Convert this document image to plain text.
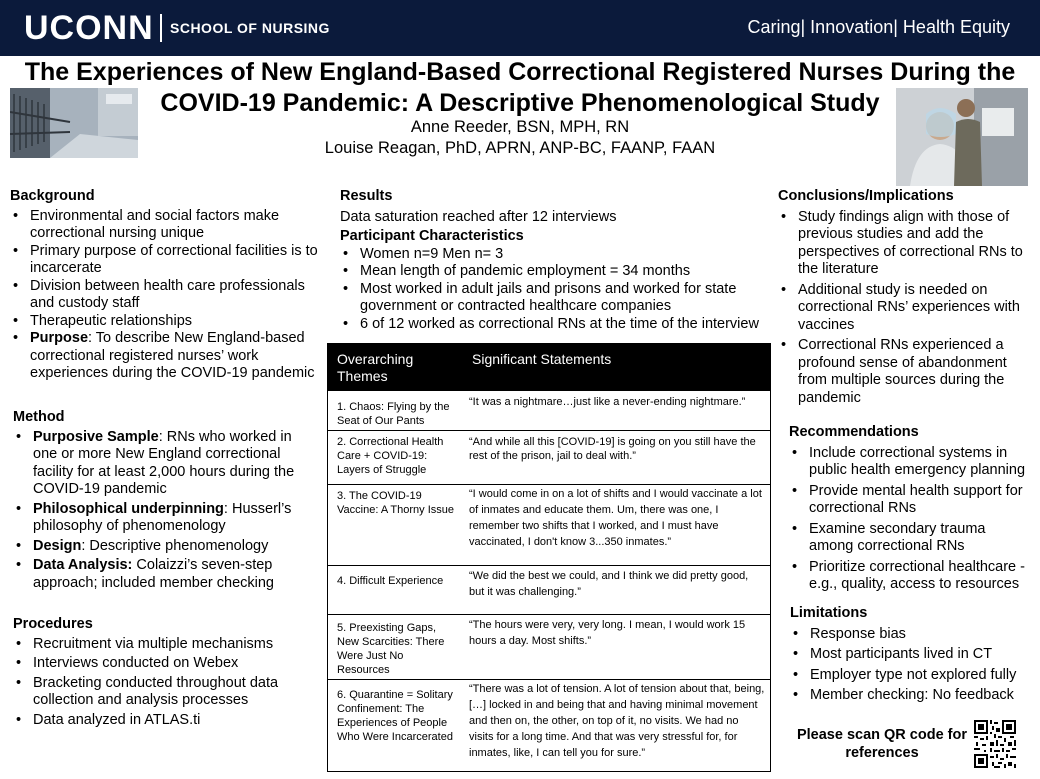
UCONN SCHOOL OF NURSING	Caring| Innovation| Health Equity
The Experiences of New England-Based Correctional Registered Nurses During the
COVID-19 Pandemic: A Descriptive Phenomenological Study
Anne Reeder, BSN, MPH, RN
Louise Reagan, PhD, APRN, ANP-BC, FAANP, FAAN
Background
• Environmental and social factors make correctional nursing unique
• Primary purpose of correctional facilities is to incarcerate
• Division between health care professionals and custody staff
• Therapeutic relationships
• Purpose: To describe New England-based correctional registered nurses’ work experiences during the COVID-19 pandemic
Method
• Purposive Sample: RNs who worked in one or more New England correctional facility for at least 2,000 hours during the COVID-19 pandemic
• Philosophical underpinning: Husserl’s philosophy of phenomenology
• Design: Descriptive phenomenology
• Data Analysis: Colaizzi’s seven-step approach; included member checking
Procedures
• Recruitment via multiple mechanisms
• Interviews conducted on Webex
• Bracketing conducted throughout data collection and analysis processes
• Data analyzed in ATLAS.ti
Results
Data saturation reached after 12 interviews
Participant Characteristics
• Women n=9 Men n= 3
• Mean length of pandemic employment = 34 months
• Most worked in adult jails and prisons and worked for state government or contracted healthcare companies
• 6 of 12 worked as correctional RNs at the time of the interview
Overarching Themes
Significant Statements
1. Chaos: Flying by the Seat of Our Pants
“It was a nightmare…just like a never-ending nightmare.”
2. Correctional Health Care + COVID-19: Layers of Struggle
“And while all this [COVID-19] is going on you still have the rest of the prison, jail to deal with.”
3. The COVID-19 Vaccine: A Thorny Issue
“I would come in on a lot of shifts and I would vaccinate a lot of inmates and educate them. Um, there was one, I remember two shifts that I worked, and I must have vaccinated, I don't know 3...350 inmates.”
4. Difficult Experience	“We did the best we could, and I think we did pretty good, but it was challenging.”
5. Preexisting Gaps, New Scarcities: There Were Just No Resources
“The hours were very, very long. I mean, I would work 15 hours a day. Most shifts.”
6. Quarantine = Solitary Confinement: The Experiences of People Who Were Incarcerated
“There was a lot of tension. A lot of tension about that, being, […] locked in and being that and having minimal movement and then on, the other, on top of it, no visits. We had no visits for a long time. And that was very stressful for, for inmates, like, I can tell you for sure.”
Conclusions/Implications
• Study findings align with those of previous studies and add the perspectives of correctional RNs to the literature
• Additional study is needed on correctional RNs’ experiences with vaccines
• Correctional RNs experienced a profound sense of abandonment from multiple sources during the pandemic
Recommendations
• Include correctional systems in public health emergency planning
• Provide mental health support for correctional RNs
• Examine secondary trauma among correctional RNs
• Prioritize correctional healthcare - e.g., quality, access to resources
Limitations
• Response bias
• Most participants lived in CT
• Employer type not explored fully
• Member checking: No feedback
Please scan QR code for references
